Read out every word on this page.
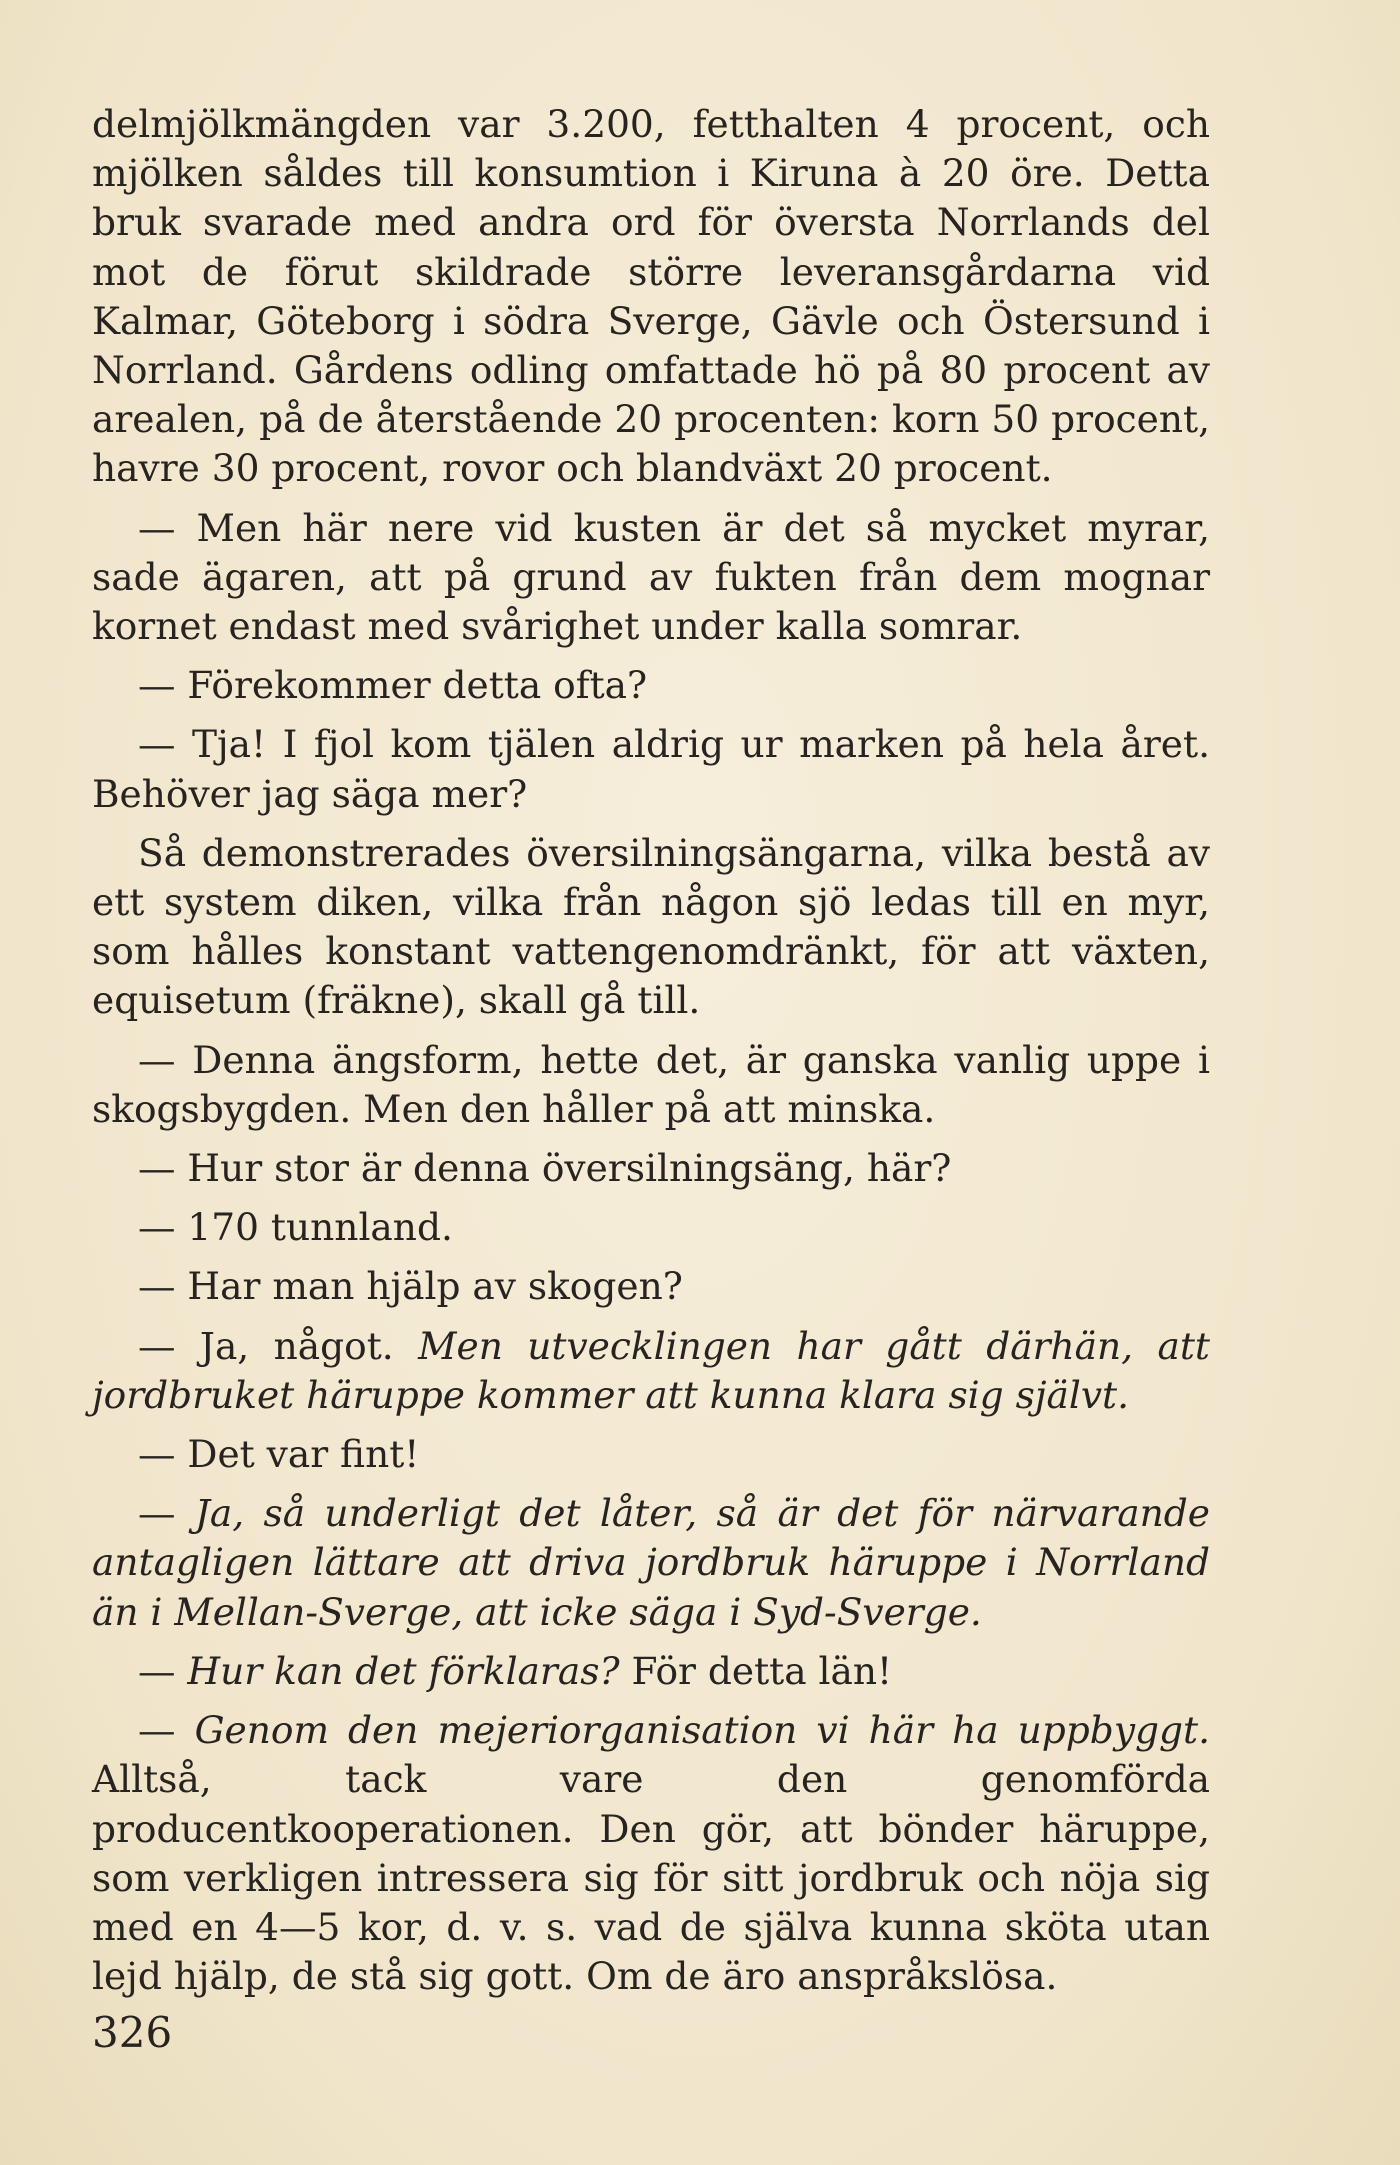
delmjölkmängden var 3.200, fetthalten 4 procent, och mjölken såldes till konsumtion i Kiruna à 20 öre. Detta bruk svarade med andra ord för översta Norrlands del mot de förut skildrade större leveransgårdarna vid Kalmar, Göteborg i södra Sverge, Gävle och Östersund i Norrland. Gårdens odling omfattade hö på 80 procent av arealen, på de återstående 20 procenten: korn 50 procent, havre 30 procent, rovor och blandväxt 20 procent.

— Men här nere vid kusten är det så mycket myrar, sade ägaren, att på grund av fukten från dem mognar kornet endast med svårighet under kalla somrar.

— Förekommer detta ofta?

— Tja! I fjol kom tjälen aldrig ur marken på hela året. Behöver jag säga mer?

Så demonstrerades översilningsängarna, vilka bestå av ett system diken, vilka från någon sjö ledas till en myr, som hålles konstant vattengenomdränkt, för att växten, equisetum (fräkne), skall gå till.

— Denna ängsform, hette det, är ganska vanlig uppe i skogsbygden. Men den håller på att minska.

— Hur stor är denna översilningsäng, här?

— 170 tunnland.

— Har man hjälp av skogen?

— Ja, något. Men utvecklingen har gått därhän, att jordbruket häruppe kommer att kunna klara sig självt.

— Det var fint!

— Ja, så underligt det låter, så är det för närvarande antagligen lättare att driva jordbruk häruppe i Norrland än i Mellan-Sverge, att icke säga i Syd-Sverge.

— Hur kan det förklaras? För detta län!

— Genom den mejeriorganisation vi här ha uppbyggt. Alltså, tack vare den genomförda producentkooperationen. Den gör, att bönder häruppe, som verkligen intressera sig för sitt jordbruk och nöja sig med en 4—5 kor, d. v. s. vad de själva kunna sköta utan lejd hjälp, de stå sig gott. Om de äro anspråkslösa.

326
